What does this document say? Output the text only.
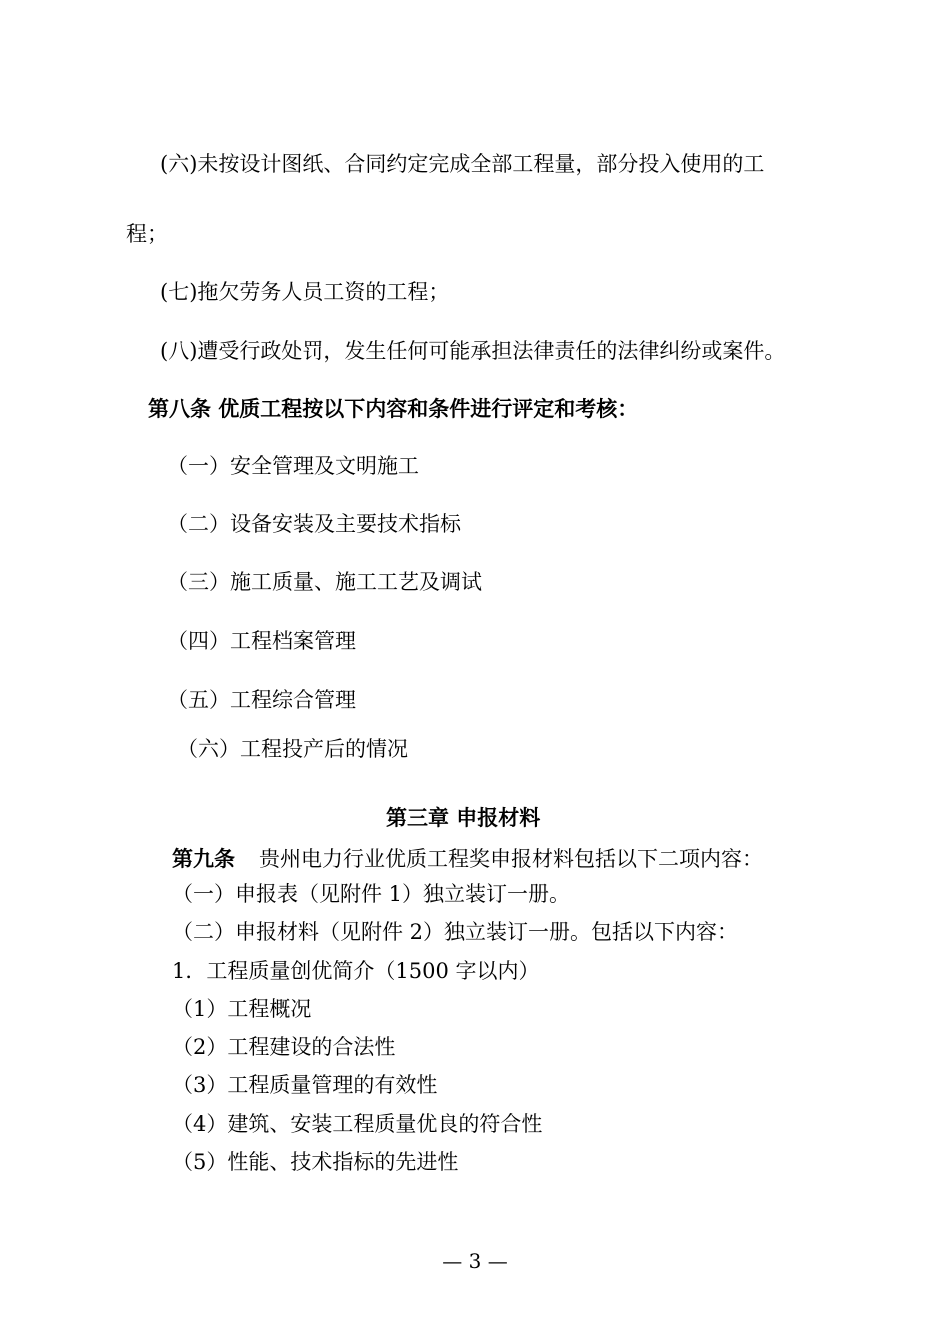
(六)未按设计图纸、合同约定完成全部工程量，部分投入使用的工

程；

(七)拖欠劳务人员工资的工程；

(八)遭受行政处罚，发生任何可能承担法律责任的法律纠纷或案件。

第八条 优质工程按以下内容和条件进行评定和考核：

（一）安全管理及文明施工

（二）设备安装及主要技术指标

（三）施工质量、施工工艺及调试

（四）工程档案管理

（五）工程综合管理

（六）工程投产后的情况

第三章 申报材料

第九条 贵州电力行业优质工程奖申报材料包括以下二项内容：

（一）申报表（见附件 1）独立装订一册。

（二）申报材料（见附件 2）独立装订一册。包括以下内容：

1．工程质量创优简介（1500 字以内）

（1）工程概况

（2）工程建设的合法性

（3）工程质量管理的有效性

（4）建筑、安装工程质量优良的符合性

（5）性能、技术指标的先进性

— 3 —
